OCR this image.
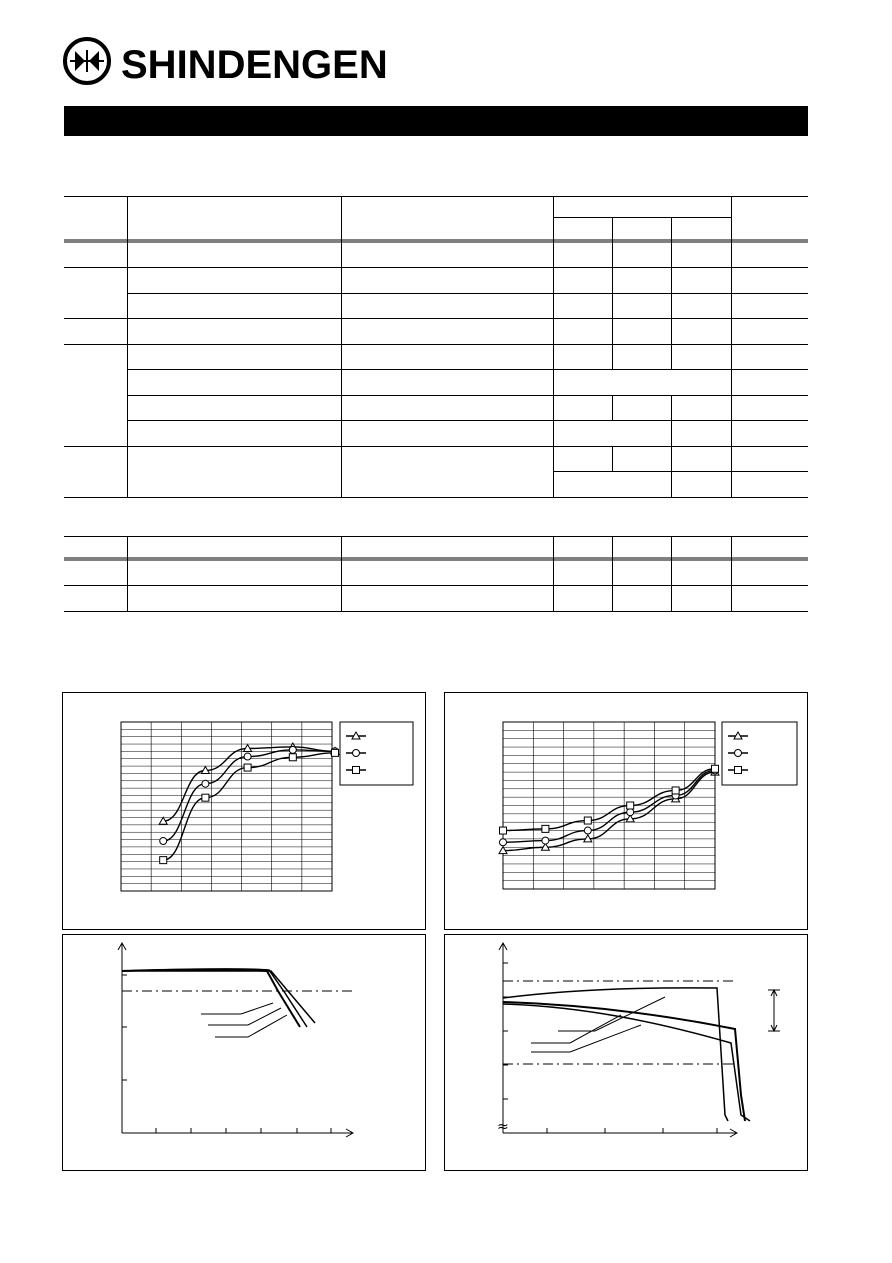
SHINDENGEN
≈
